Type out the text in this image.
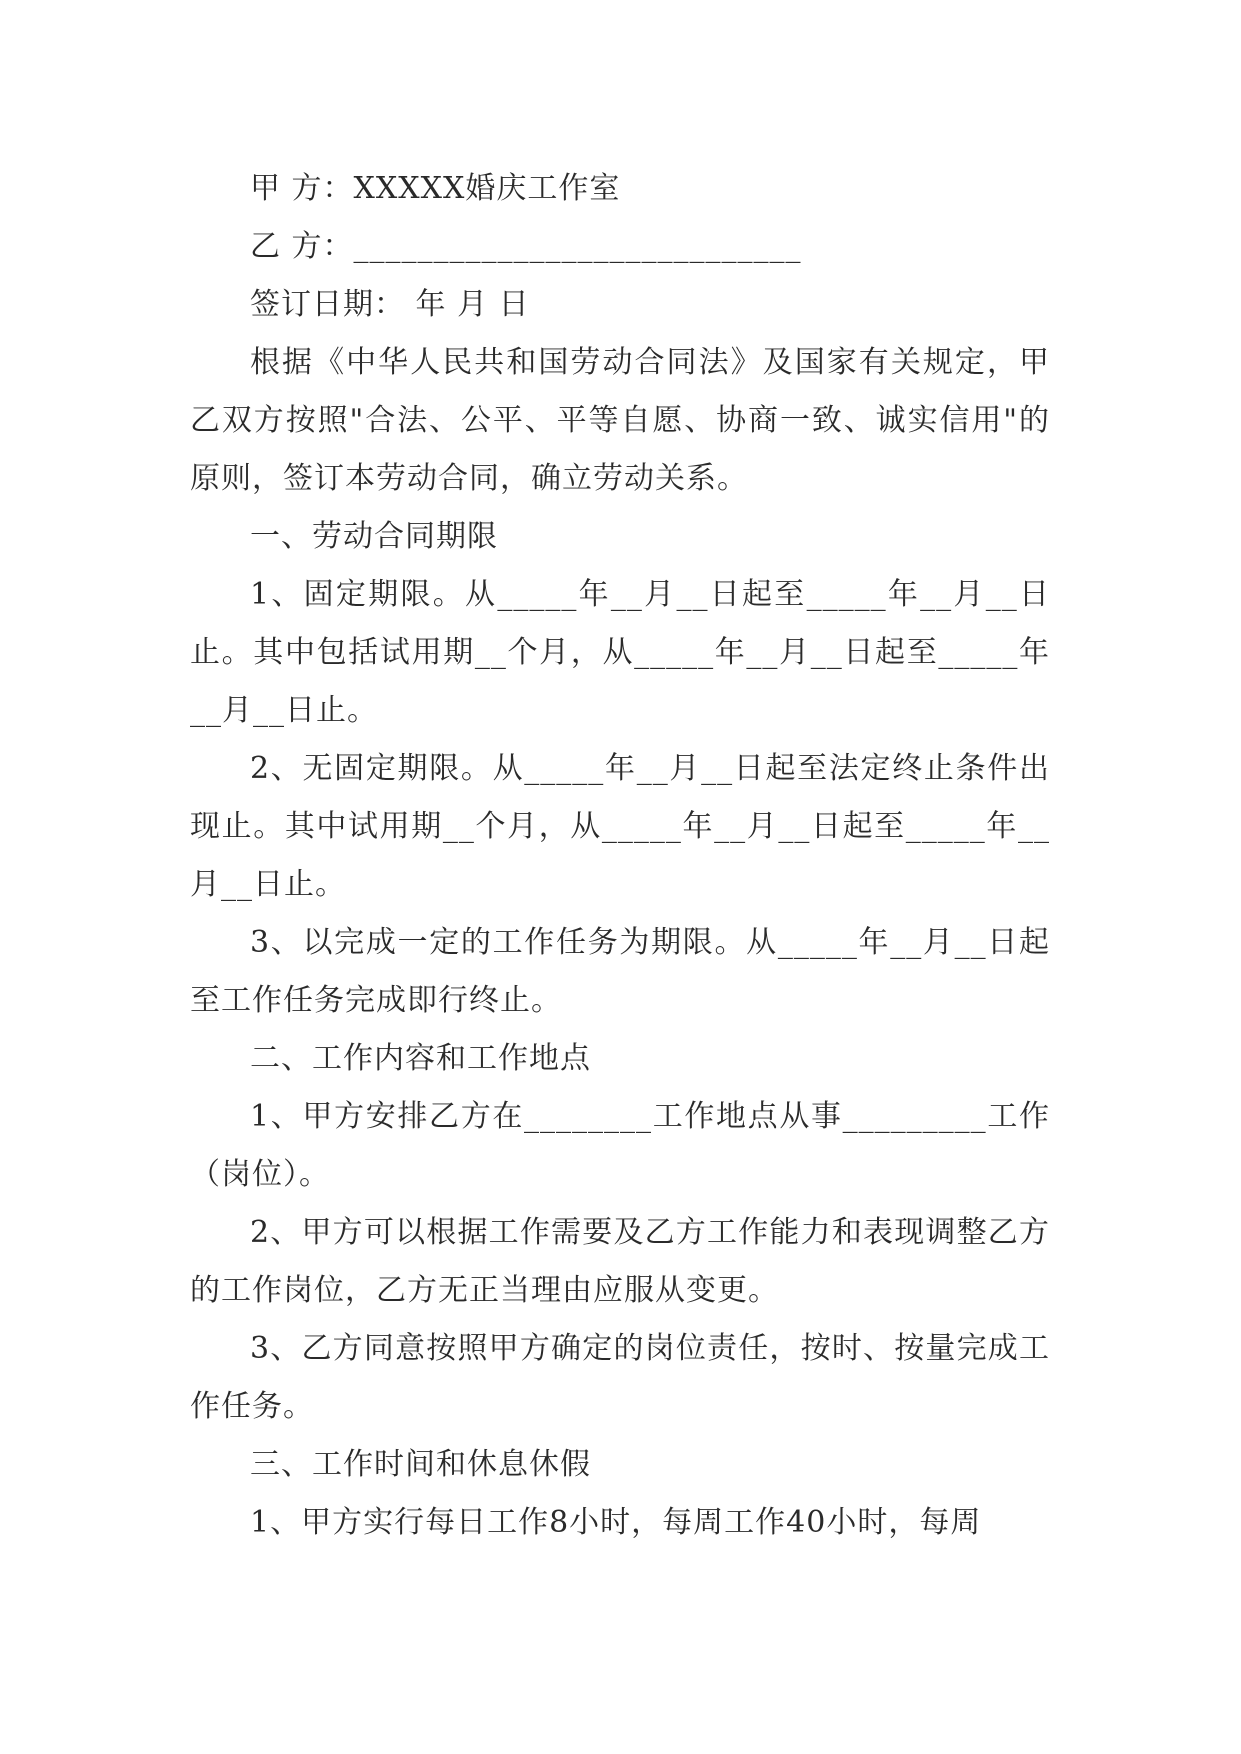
甲 方：XXXXX婚庆工作室

乙 方：____________________________

签订日期： 年 月 日

根据《中华人民共和国劳动合同法》及国家有关规定，甲乙双方按照"合法、公平、平等自愿、协商一致、诚实信用"的原则，签订本劳动合同，确立劳动关系。

一、劳动合同期限

1、固定期限。从_____年__月__日起至_____年__月__日止。其中包括试用期__个月，从_____年__月__日起至_____年__月__日止。

2、无固定期限。从_____年__月__日起至法定终止条件出现止。其中试用期__个月，从_____年__月__日起至_____年__月__日止。

3、以完成一定的工作任务为期限。从_____年__月__日起至工作任务完成即行终止。

二、工作内容和工作地点

1、甲方安排乙方在________工作地点从事_________工作（岗位）。

2、甲方可以根据工作需要及乙方工作能力和表现调整乙方的工作岗位，乙方无正当理由应服从变更。

3、乙方同意按照甲方确定的岗位责任，按时、按量完成工作任务。

三、工作时间和休息休假

1、甲方实行每日工作8小时，每周工作40小时，每周
